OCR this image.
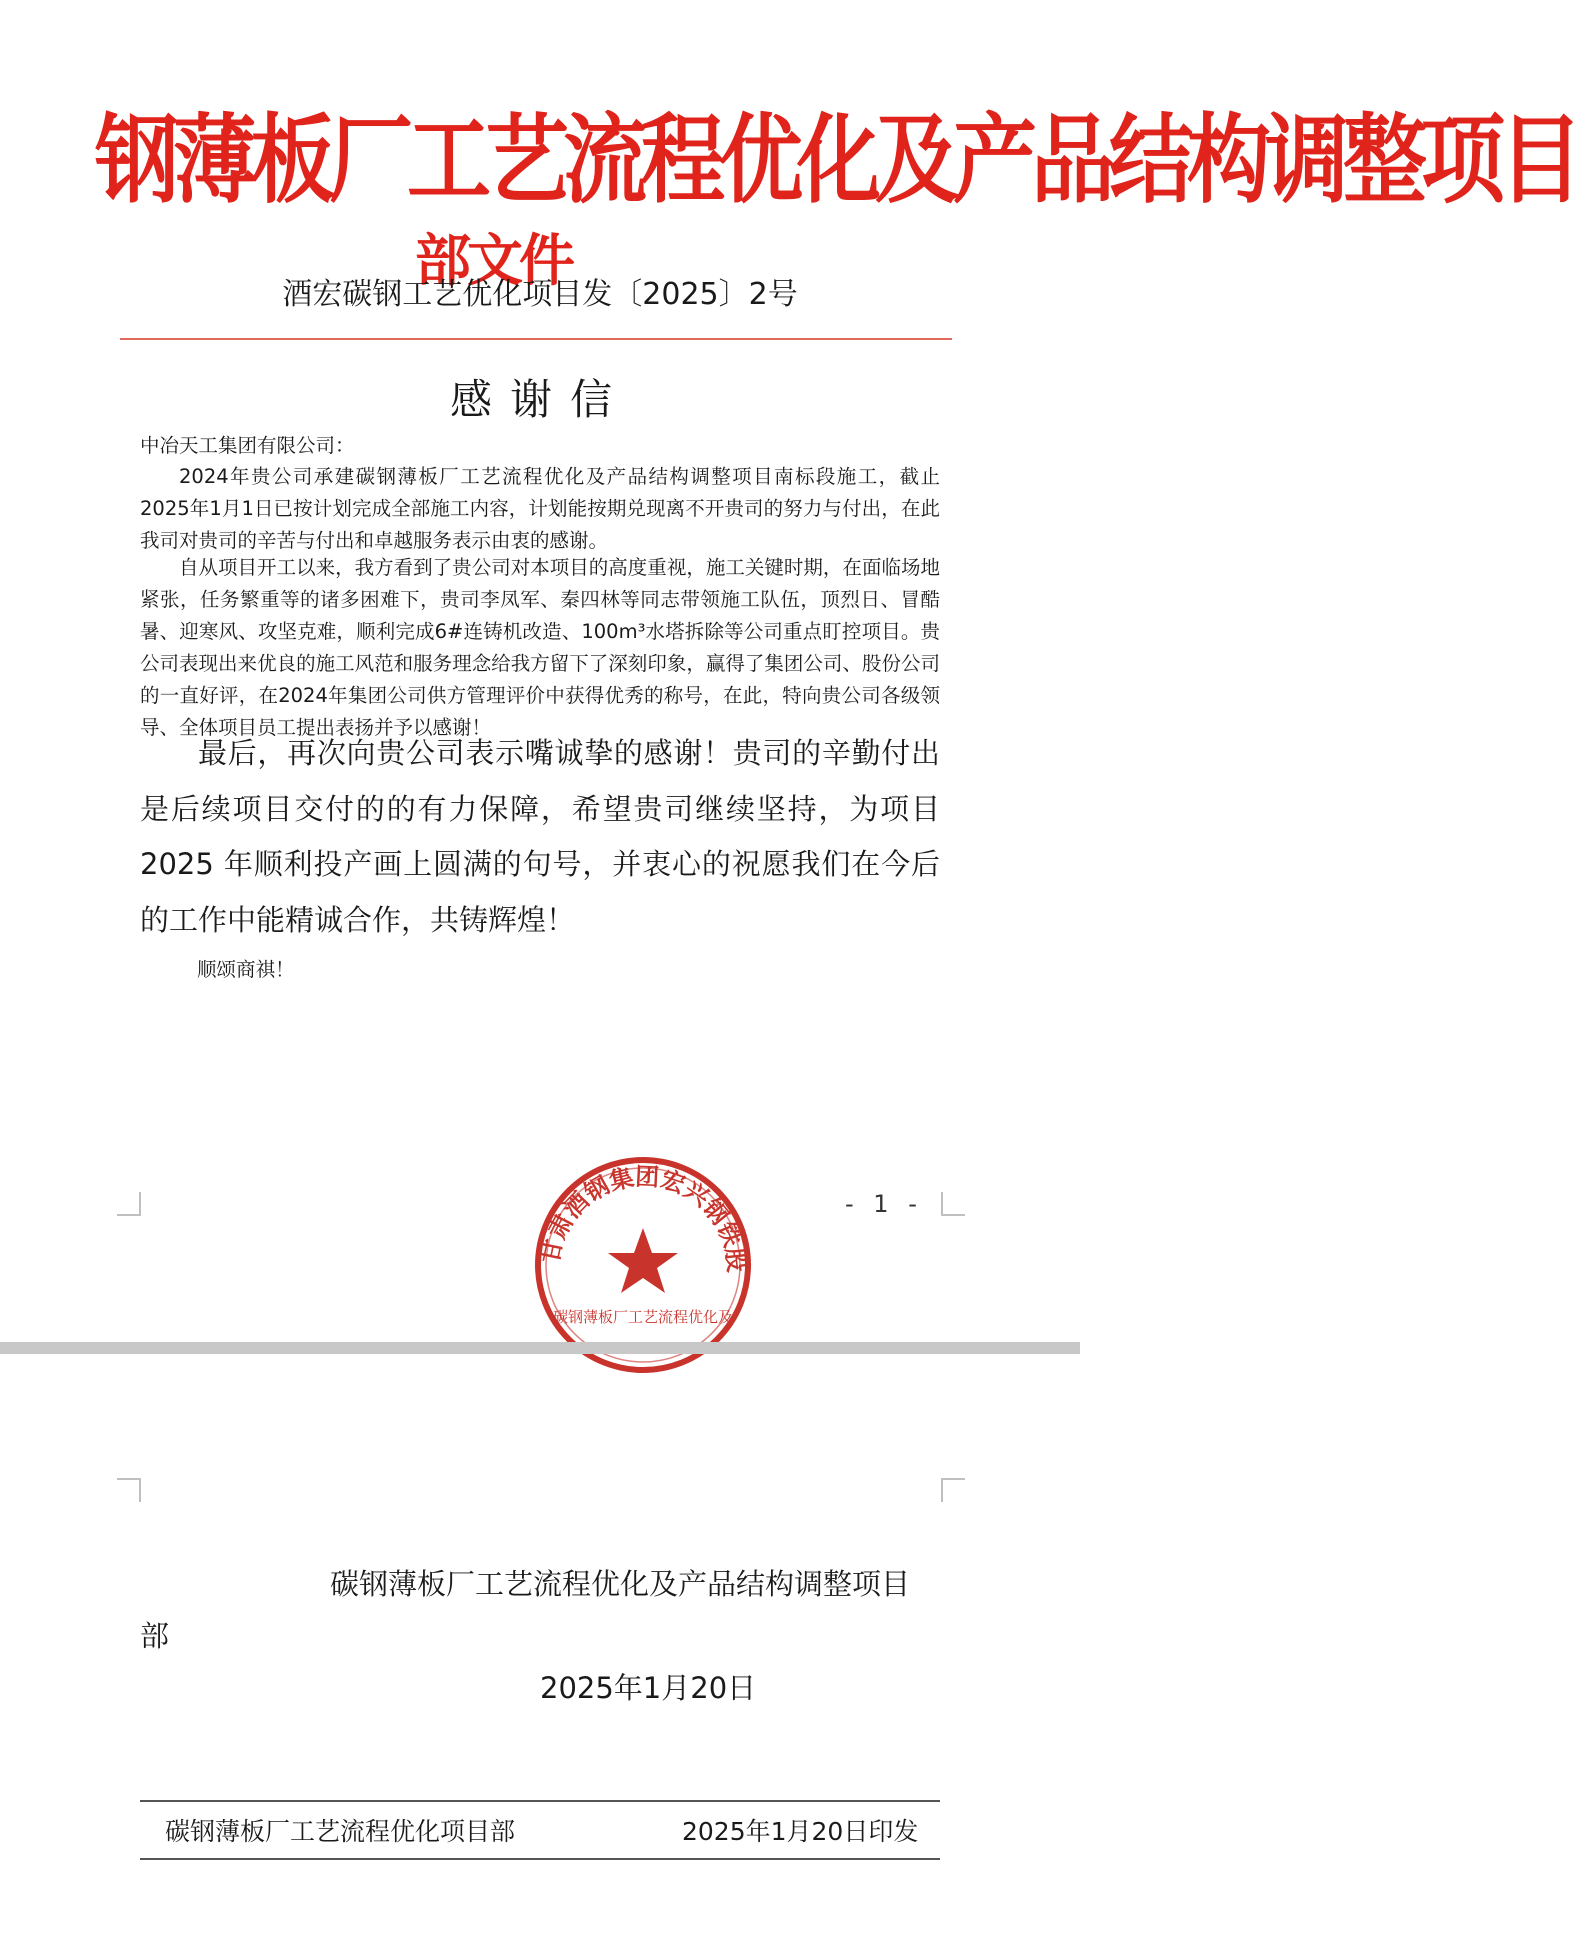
钢薄板厂工艺流程优化及产品结构调整项目
部文件
酒宏碳钢工艺优化项目发〔2025〕2号
感谢信
中冶天工集团有限公司：
2024年贵公司承建碳钢薄板厂工艺流程优化及产品结构调整项目南标段施工，截止2025年1月1日已按计划完成全部施工内容，计划能按期兑现离不开贵司的努力与付出，在此我司对贵司的辛苦与付出和卓越服务表示由衷的感谢。
自从项目开工以来，我方看到了贵公司对本项目的高度重视，施工关键时期，在面临场地紧张，任务繁重等的诸多困难下，贵司李凤军、秦四林等同志带领施工队伍，顶烈日、冒酷暑、迎寒风、攻坚克难，顺利完成6#连铸机改造、100m³水塔拆除等公司重点盯控项目。贵公司表现出来优良的施工风范和服务理念给我方留下了深刻印象，赢得了集团公司、股份公司的一直好评，在2024年集团公司供方管理评价中获得优秀的称号，在此，特向贵公司各级领导、全体项目员工提出表扬并予以感谢！
最后，再次向贵公司表示嘴诚挚的感谢！贵司的辛勤付出是后续项目交付的的有力保障，希望贵司继续坚持，为项目 2025 年顺利投产画上圆满的句号，并衷心的祝愿我们在今后的工作中能精诚合作，共铸辉煌！
顺颂商祺！
- 1 -
甘肃酒钢集团宏兴钢铁股
碳钢薄板厂工艺流程优化及
碳钢薄板厂工艺流程优化及产品结构调整项目
部
2025年1月20日
碳钢薄板厂工艺流程优化项目部	2025年1月20日印发
